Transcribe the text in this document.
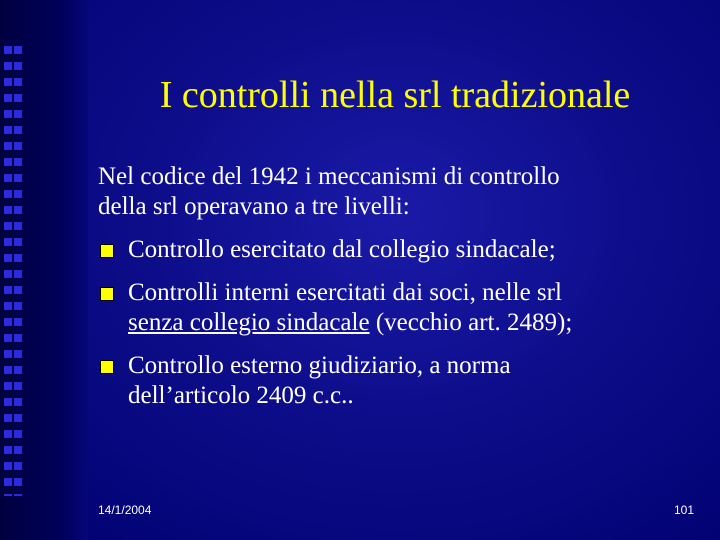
I controlli nella srl tradizionale
Nel codice del 1942 i meccanismi di controllo
della srl operavano a tre livelli:
Controllo esercitato dal collegio sindacale;
Controlli interni esercitati dai soci, nelle srl
senza collegio sindacale (vecchio art. 2489);
Controllo esterno giudiziario, a norma
dell’articolo 2409 c.c..
14/1/2004	101
